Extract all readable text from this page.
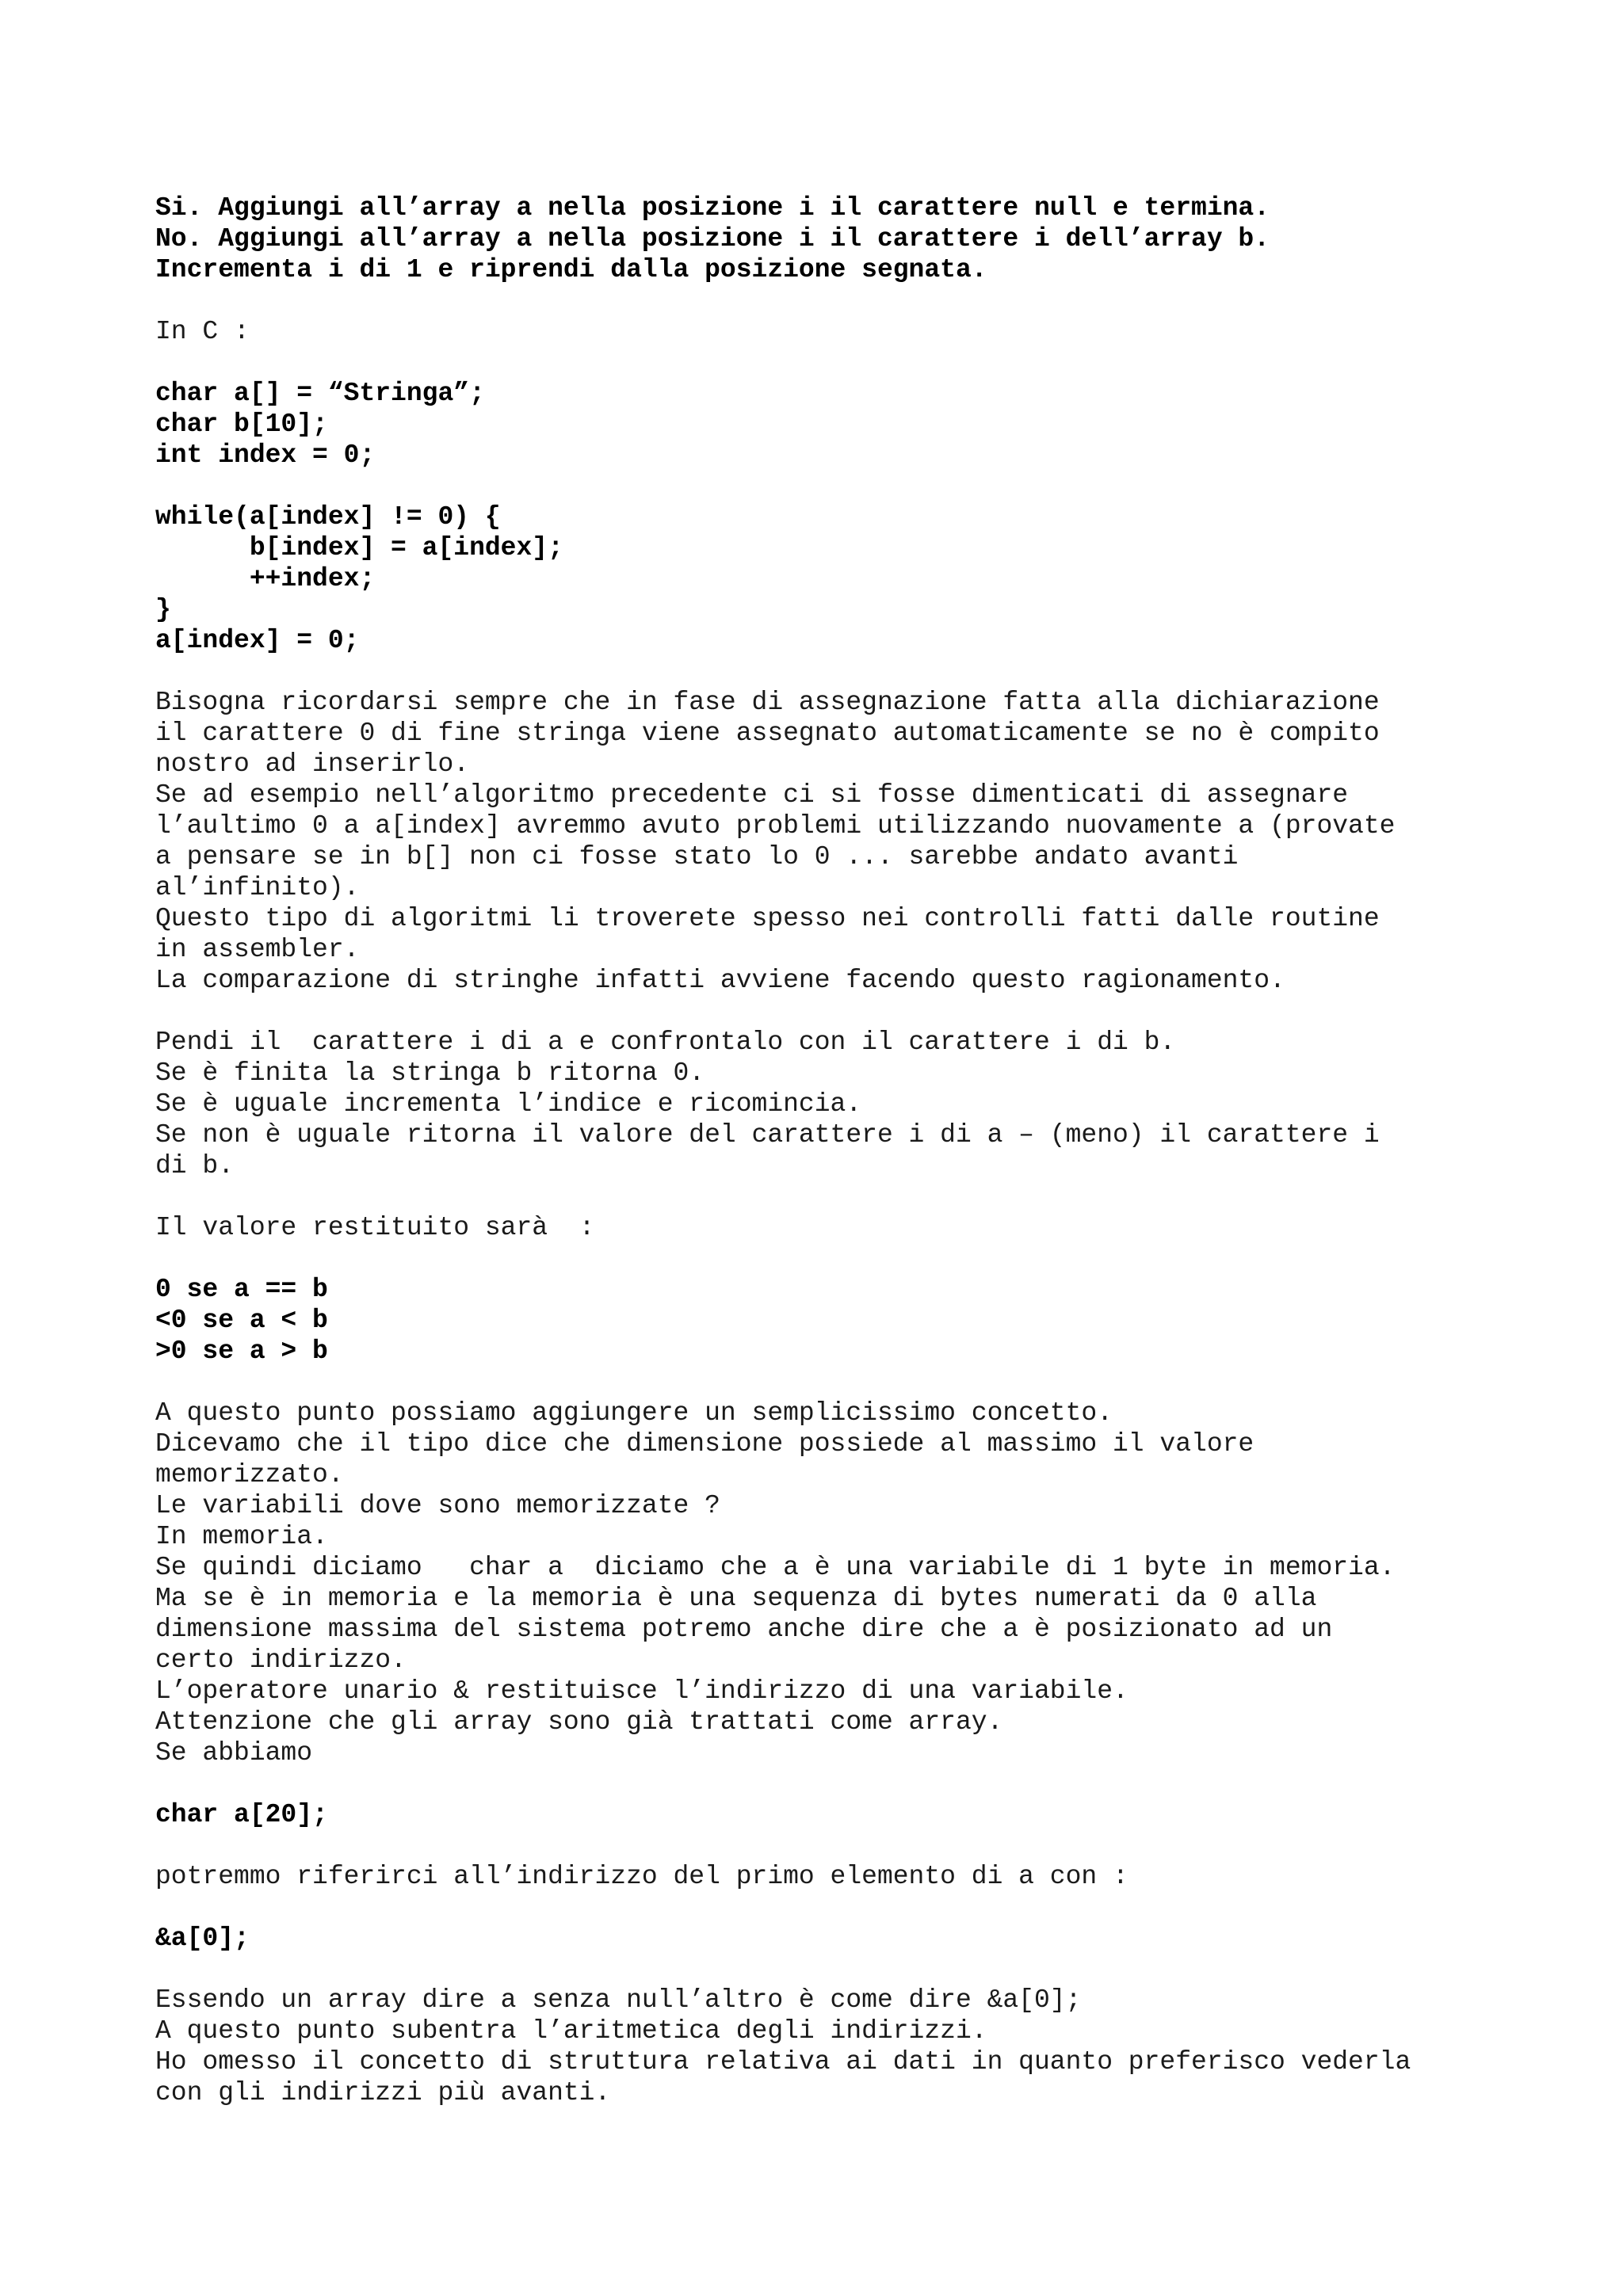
Si. Aggiungi all’array a nella posizione i il carattere null e termina.
No. Aggiungi all’array a nella posizione i il carattere i dell’array b.
Incrementa i di 1 e riprendi dalla posizione segnata.
In C :
char a[] = “Stringa”;
char b[10];
int index = 0;
while(a[index] != 0) {
b[index] = a[index];
++index;
}
a[index] = 0;
Bisogna ricordarsi sempre che in fase di assegnazione fatta alla dichiarazione
il carattere 0 di fine stringa viene assegnato automaticamente se no è compito
nostro ad inserirlo.
Se ad esempio nell’algoritmo precedente ci si fosse dimenticati di assegnare
l’aultimo 0 a a[index] avremmo avuto problemi utilizzando nuovamente a (provate
a pensare se in b[] non ci fosse stato lo 0 ... sarebbe andato avanti
al’infinito).
Questo tipo di algoritmi li troverete spesso nei controlli fatti dalle routine
in assembler.
La comparazione di stringhe infatti avviene facendo questo ragionamento.
Pendi il  carattere i di a e confrontalo con il carattere i di b.
Se è finita la stringa b ritorna 0.
Se è uguale incrementa l’indice e ricomincia.
Se non è uguale ritorna il valore del carattere i di a – (meno) il carattere i
di b.
Il valore restituito sarà  :
0 se a == b
<0 se a < b
>0 se a > b
A questo punto possiamo aggiungere un semplicissimo concetto.
Dicevamo che il tipo dice che dimensione possiede al massimo il valore
memorizzato.
Le variabili dove sono memorizzate ?
In memoria.
Se quindi diciamo   char a  diciamo che a è una variabile di 1 byte in memoria.
Ma se è in memoria e la memoria è una sequenza di bytes numerati da 0 alla
dimensione massima del sistema potremo anche dire che a è posizionato ad un
certo indirizzo.
L’operatore unario & restituisce l’indirizzo di una variabile.
Attenzione che gli array sono già trattati come array.
Se abbiamo
char a[20];
potremmo riferirci all’indirizzo del primo elemento di a con :
&a[0];
Essendo un array dire a senza null’altro è come dire &a[0];
A questo punto subentra l’aritmetica degli indirizzi.
Ho omesso il concetto di struttura relativa ai dati in quanto preferisco vederla
con gli indirizzi più avanti.
